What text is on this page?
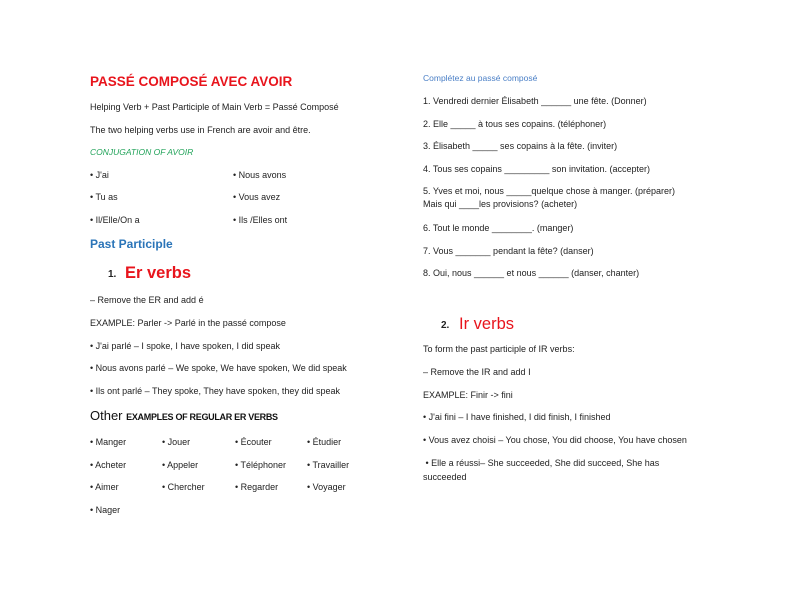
PASSÉ COMPOSÉ AVEC AVOIR
Helping Verb + Past Participle of Main Verb = Passé Composé
The two helping verbs use in French are avoir and être.
CONJUGATION OF AVOIR
• J'ai	• Nous avons
• Tu as	• Vous avez
• Il/Elle/On a	• Ils /Elles ont
Past Participle
1. Er verbs
– Remove the ER and add é
EXAMPLE: Parler -> Parlé in the passé compose
• J'ai parlé – I spoke, I have spoken, I did speak
• Nous avons parlé – We spoke, We have spoken, We did speak
• Ils ont parlé – They spoke, They have spoken, they did speak
Other EXAMPLES OF REGULAR ER VERBS
• Manger	• Jouer	• Écouter	• Étudier
• Acheter	• Appeler	• Téléphoner • Travailler
• Aimer	• Chercher	• Regarder	• Voyager
• Nager
Complétez au passé composé
1. Vendredi dernier Élisabeth ______ une fête. (Donner)
2. Elle _____ à tous ses copains. (téléphoner)
3. Élisabeth _____ ses copains à la fête. (inviter)
4. Tous ses copains _________ son invitation. (accepter)
5. Yves et moi, nous _____quelque chose à manger. (préparer)
Mais qui ____les provisions? (acheter)
6. Tout le monde ________. (manger)
7. Vous _______ pendant la fête? (danser)
8. Oui, nous ______ et nous ______ (danser, chanter)
2. Ir verbs
To form the past participle of IR verbs:
– Remove the IR and add I
EXAMPLE: Finir -> fini
• J'ai fini – I have finished, I did finish, I finished
• Vous avez choisi – You chose, You did choose, You have chosen
• Elle a réussi– She succeeded, She did succeed, She has
succeeded
